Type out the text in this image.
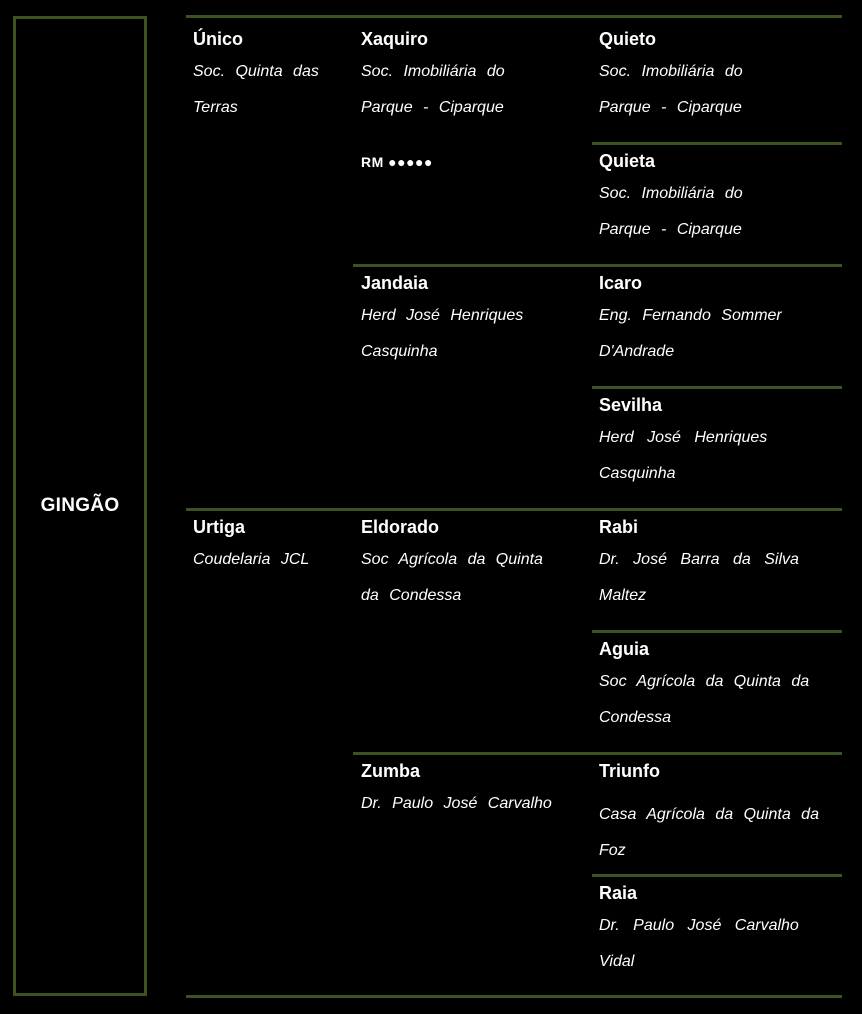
GINGÃO
Único
Soc. Quinta das Terras
Urtiga
Coudelaria JCL
Xaquiro
Soc. Imobiliária do Parque - Ciparque
RM ●●●●●
Jandaia
Herd José Henriques Casquinha
Eldorado
Soc Agrícola da Quinta da Condessa
Zumba
Dr. Paulo José Carvalho
Quieto
Soc. Imobiliária do Parque - Ciparque
Quieta
Soc. Imobiliária do Parque - Ciparque
Icaro
Eng. Fernando Sommer D'Andrade
Sevilha
Herd José Henriques Casquinha
Rabi
Dr. José Barra da Silva Maltez
Aguia
Soc Agrícola da Quinta da Condessa
Triunfo
Casa Agrícola da Quinta da Foz
Raia
Dr. Paulo José Carvalho Vidal
